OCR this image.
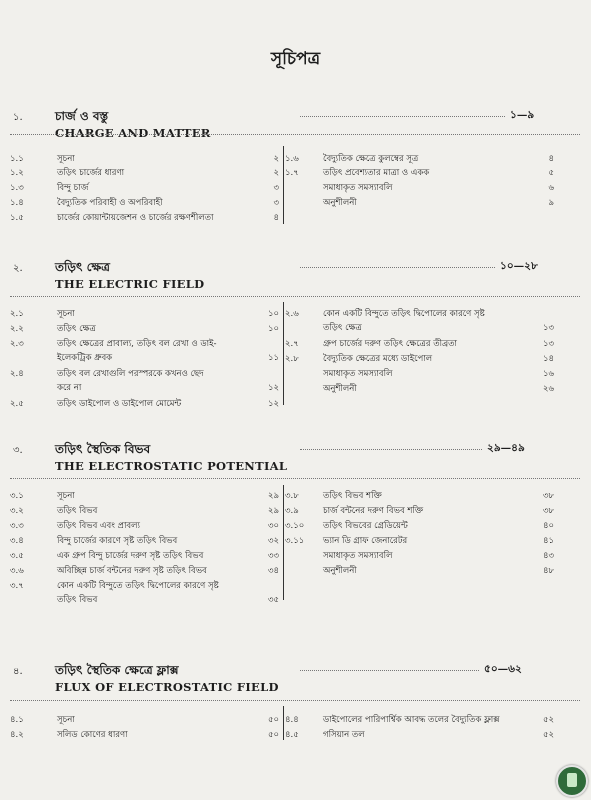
সূচিপত্র
১.	চার্জ ও বস্তু
CHARGE AND MATTER
১—৯
১.১	সূচনা	২
১.২	তড়িৎ চার্জের ধারণা	২
১.৩	বিন্দু চার্জ	৩
১.৪	বৈদ্যুতিক পরিবাহী ও অপরিবাহী	৩
১.৫	চার্জের কোয়ান্টায়জেশন ও চার্জের রক্ষণশীলতা	৪
১.৬	বৈদ্যুতিক ক্ষেত্রে কুলম্বের সূত্র	৪
১.৭	তড়িৎ প্রবেশ্যতার মাত্রা ও একক	৫
সমাধাকৃত সমস্যাবলি	৬
অনুশীলনী	৯
২.	তড়িৎ ক্ষেত্র
THE ELECTRIC FIELD
১০—২৮
২.১	সূচনা	১০
২.২	তড়িৎ ক্ষেত্র	১০
২.৩	তড়িৎ ক্ষেত্রের প্রাবাল্য, তড়িৎ বল রেখা ও ডাই-
ইলেকট্রিক ধ্রুবক	১১
২.৪	তড়িৎ বল রেখাগুলি পরস্পরকে কখনও ছেদ
করে না	১২
২.৫	তড়িৎ ডাইপোল ও ডাইপোল মোমেন্ট	১২
২.৬	কোন একটি বিন্দুতে তড়িৎ দ্বিপোলের কারণে সৃষ্ট
তড়িৎ ক্ষেত্র	১৩
২.৭	গ্রুপ চার্জের দরুণ তড়িৎ ক্ষেত্রের তীব্রতা	১৩
২.৮	বৈদ্যুতিক ক্ষেত্রের মধ্যে ডাইপোল	১৪
সমাধাকৃত সমস্যাবলি	১৬
অনুশীলনী	২৬
৩.	তড়িৎ স্থৈতিক বিভব
THE ELECTROSTATIC POTENTIAL
২৯—৪৯
৩.১	সূচনা	২৯
৩.২	তড়িৎ বিভব	২৯
৩.৩	তড়িৎ বিভব এবং প্রাবল্য	৩০
৩.৪	বিন্দু চার্জের কারণে সৃষ্ট তড়িৎ বিভব	৩২
৩.৫	এক গ্রুপ বিন্দু চার্জের দরুণ সৃষ্ট তড়িৎ বিভব	৩৩
৩.৬	অবিচ্ছিন্ন চার্জ বন্টনের দরুণ সৃষ্ট তড়িৎ বিভব	৩৪
৩.৭	কোন একটি বিন্দুতে তড়িৎ দ্বিপোলের কারণে সৃষ্ট
তড়িৎ বিভব	৩৫
৩.৮	তড়িৎ বিভব শক্তি	৩৮
৩.৯	চার্জ বন্টনের দরুণ বিভব শক্তি	৩৮
৩.১০ তড়িৎ বিভবের গ্রেডিয়েন্ট	৪০
৩.১১ ভ্যান ডি গ্রাফ জেনারেটর	৪১
সমাধাকৃত সমস্যাবলি	৪৩
অনুশীলনী	৪৮
৪.	তড়িৎ স্থৈতিক ক্ষেত্রে ফ্লাক্স
FLUX OF ELECTROSTATIC FIELD
৫০—৬২
৪.১	সূচনা	৫০
৪.২	সলিড কোণের ধারণা	৫০
৪.৪	ডাইপোলের পারিপার্শ্বিক আবদ্ধ তলের বৈদ্যুতিক ফ্লাক্স	৫২
৪.৫	গসিয়ান তল	৫২
